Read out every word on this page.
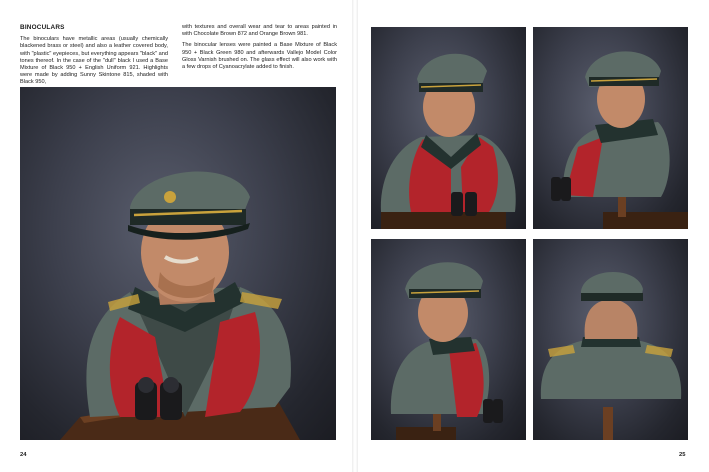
BINOCULARS

The binoculars have metallic areas (usually chemically blackened brass or steel) and also a leather covered body, with "plastic" eyepieces, but everything appears "black" and tones thereof. In the case of the "dull" black I used a Base Mixture of Black 950 + English Uniform 921. Highlights were made by adding Sunny Skintone 815, shaded with Black 950,

with textures and overall wear and tear to areas painted in with Chocolate Brown 872 and Orange Brown 981.

The binocular lenses were painted a Base Mixture of Black 950 + Black Green 980 and afterwards Vallejo Model Color Gloss Varnish brushed on. The glass effect will also work with a few drops of Cyanoacrylate added to finish.

24	25
